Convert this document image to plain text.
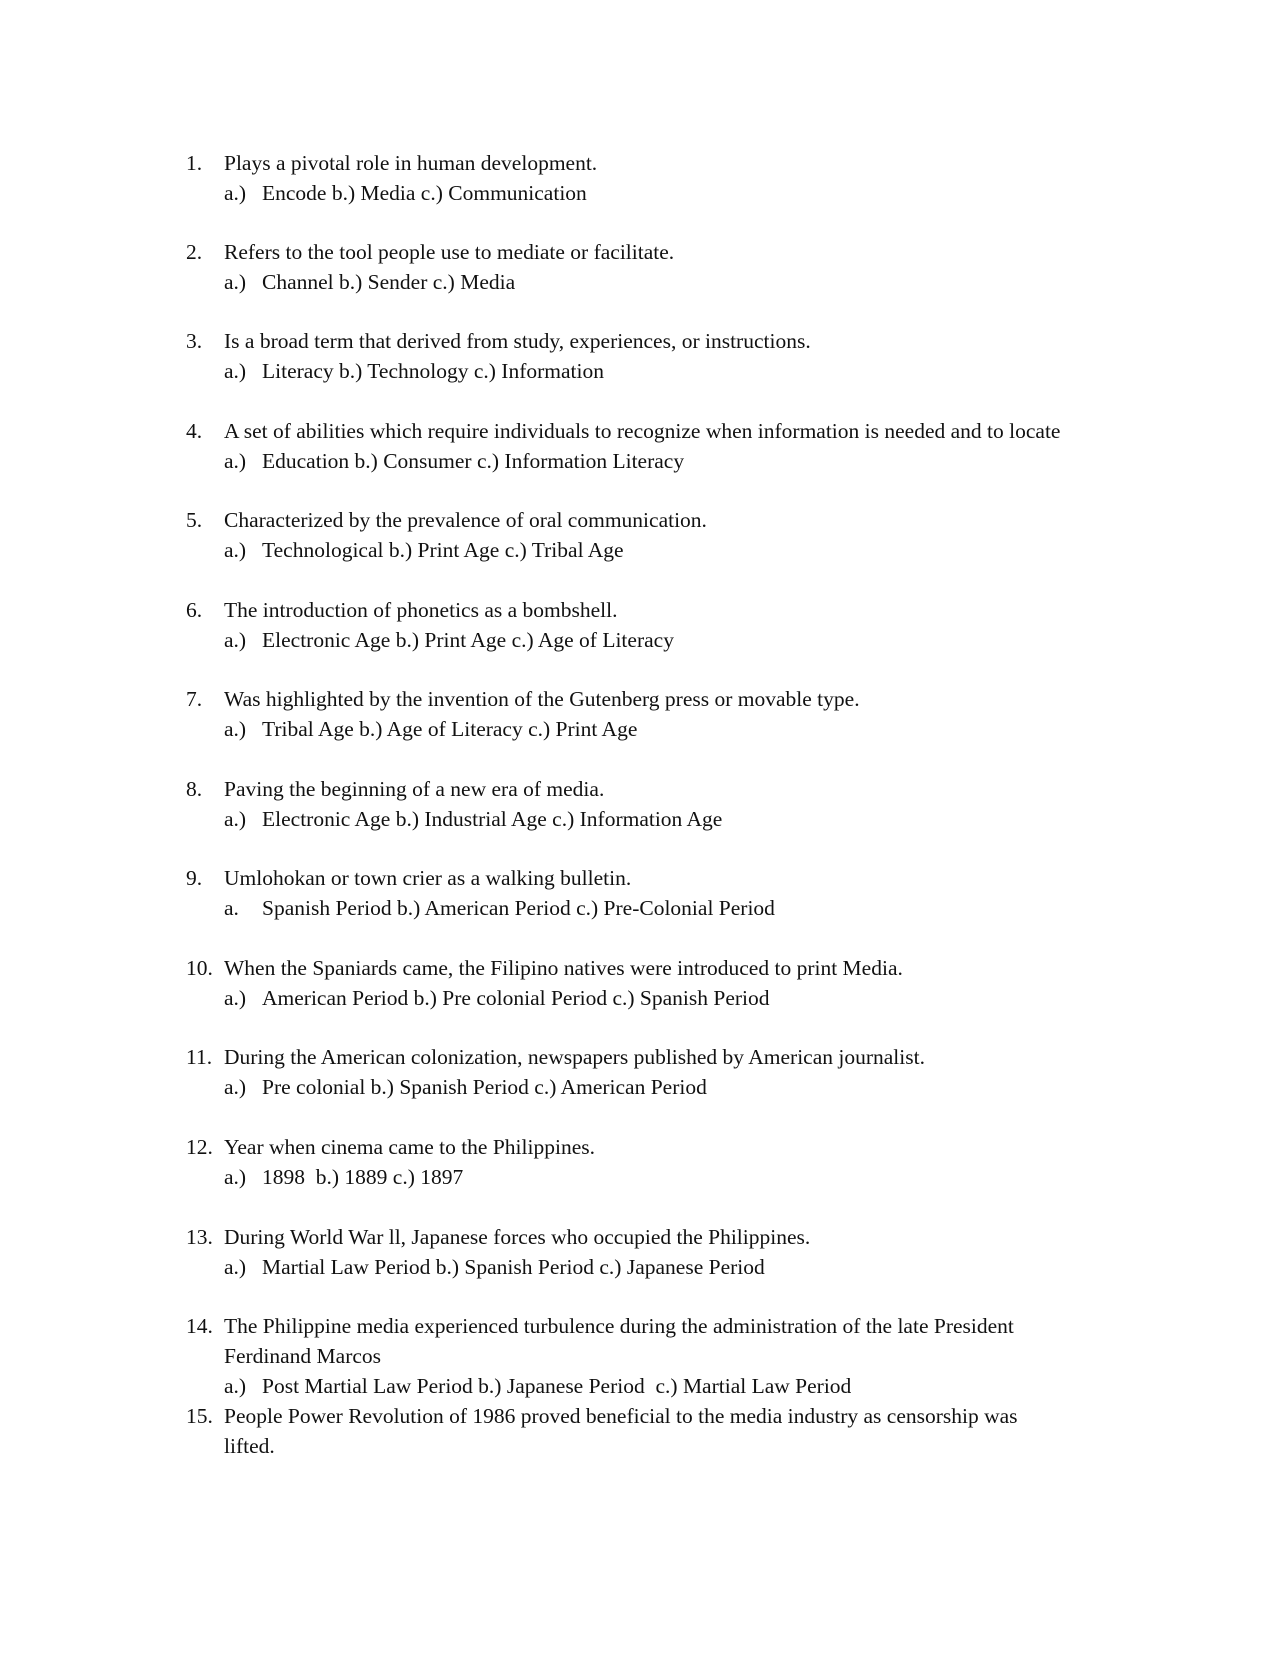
1.	Plays a pivotal role in human development.
a.) Encode b.) Media c.) Communication
2.	Refers to the tool people use to mediate or facilitate.
a.) Channel b.) Sender c.) Media
3.	Is a broad term that derived from study, experiences, or instructions.
a.) Literacy b.) Technology c.) Information
4.	A set of abilities which require individuals to recognize when information is needed and to locate
a.) Education b.) Consumer c.) Information Literacy
5.	Characterized by the prevalence of oral communication.
a.) Technological b.) Print Age c.) Tribal Age
6.	The introduction of phonetics as a bombshell.
a.) Electronic Age b.) Print Age c.) Age of Literacy
7.	Was highlighted by the invention of the Gutenberg press or movable type.
a.) Tribal Age b.) Age of Literacy c.) Print Age
8.	Paving the beginning of a new era of media.
a.) Electronic Age b.) Industrial Age c.) Information Age
9.	Umlohokan or town crier as a walking bulletin.
a. Spanish Period b.) American Period c.) Pre-Colonial Period
10. When the Spaniards came, the Filipino natives were introduced to print Media.
a.) American Period b.) Pre colonial Period c.) Spanish Period
11. During the American colonization, newspapers published by American journalist.
a.) Pre colonial b.) Spanish Period c.) American Period
12. Year when cinema came to the Philippines.
a.) 1898  b.) 1889 c.) 1897
13. During World War ll, Japanese forces who occupied the Philippines.
a.) Martial Law Period b.) Spanish Period c.) Japanese Period
14. The Philippine media experienced turbulence during the administration of the late President
Ferdinand Marcos
a.) Post Martial Law Period b.) Japanese Period  c.) Martial Law Period
15. People Power Revolution of 1986 proved beneficial to the media industry as censorship was
lifted.
